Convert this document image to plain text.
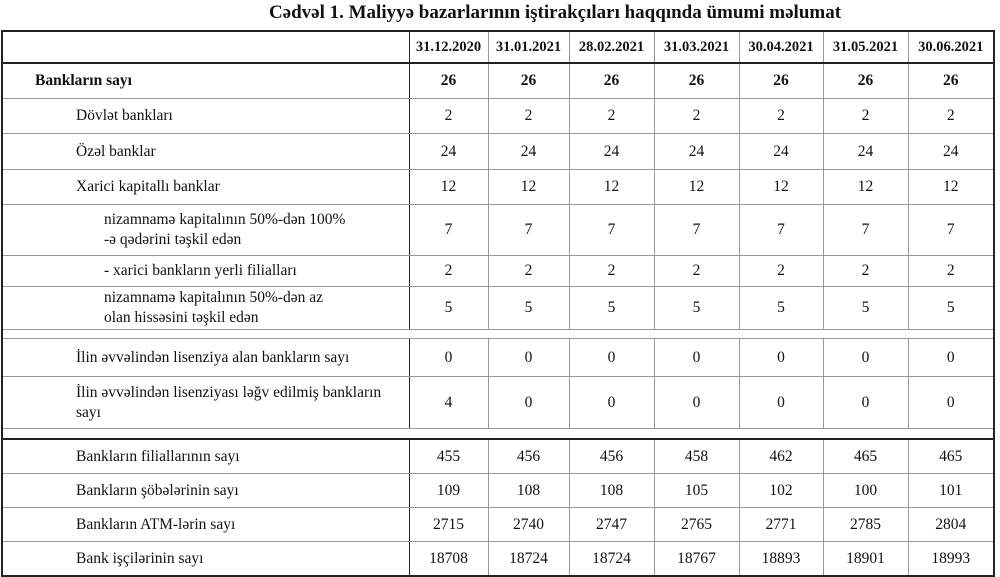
Cədvəl 1. Maliyyə bazarlarının iştirakçıları haqqında ümumi məlumat
	31.12.2020	31.01.2021	28.02.2021	31.03.2021	30.04.2021	31.05.2021	30.06.2021
Bankların sayı	26	26	26	26	26	26	26
Dövlət bankları	2	2	2	2	2	2	2
Özəl banklar	24	24	24	24	24	24	24
Xarici kapitallı banklar	12	12	12	12	12	12	12
nizamnamə kapitalının 50%-dən 100% -ə qədərini təşkil edən	7	7	7	7	7	7	7
- xarici bankların yerli filialları	2	2	2	2	2	2	2
nizamnamə kapitalının 50%-dən az olan hissəsini təşkil edən	5	5	5	5	5	5	5

İlin əvvəlindən lisenziya alan bankların sayı	0	0	0	0	0	0	0
İlin əvvəlindən lisenziyası ləğv edilmiş bankların sayı	4	0	0	0	0	0	0

Bankların filiallarının sayı	455	456	456	458	462	465	465
Bankların şöbələrinin sayı	109	108	108	105	102	100	101
Bankların ATM-lərin sayı	2715	2740	2747	2765	2771	2785	2804
Bank işçilərinin sayı	18708	18724	18724	18767	18893	18901	18993
